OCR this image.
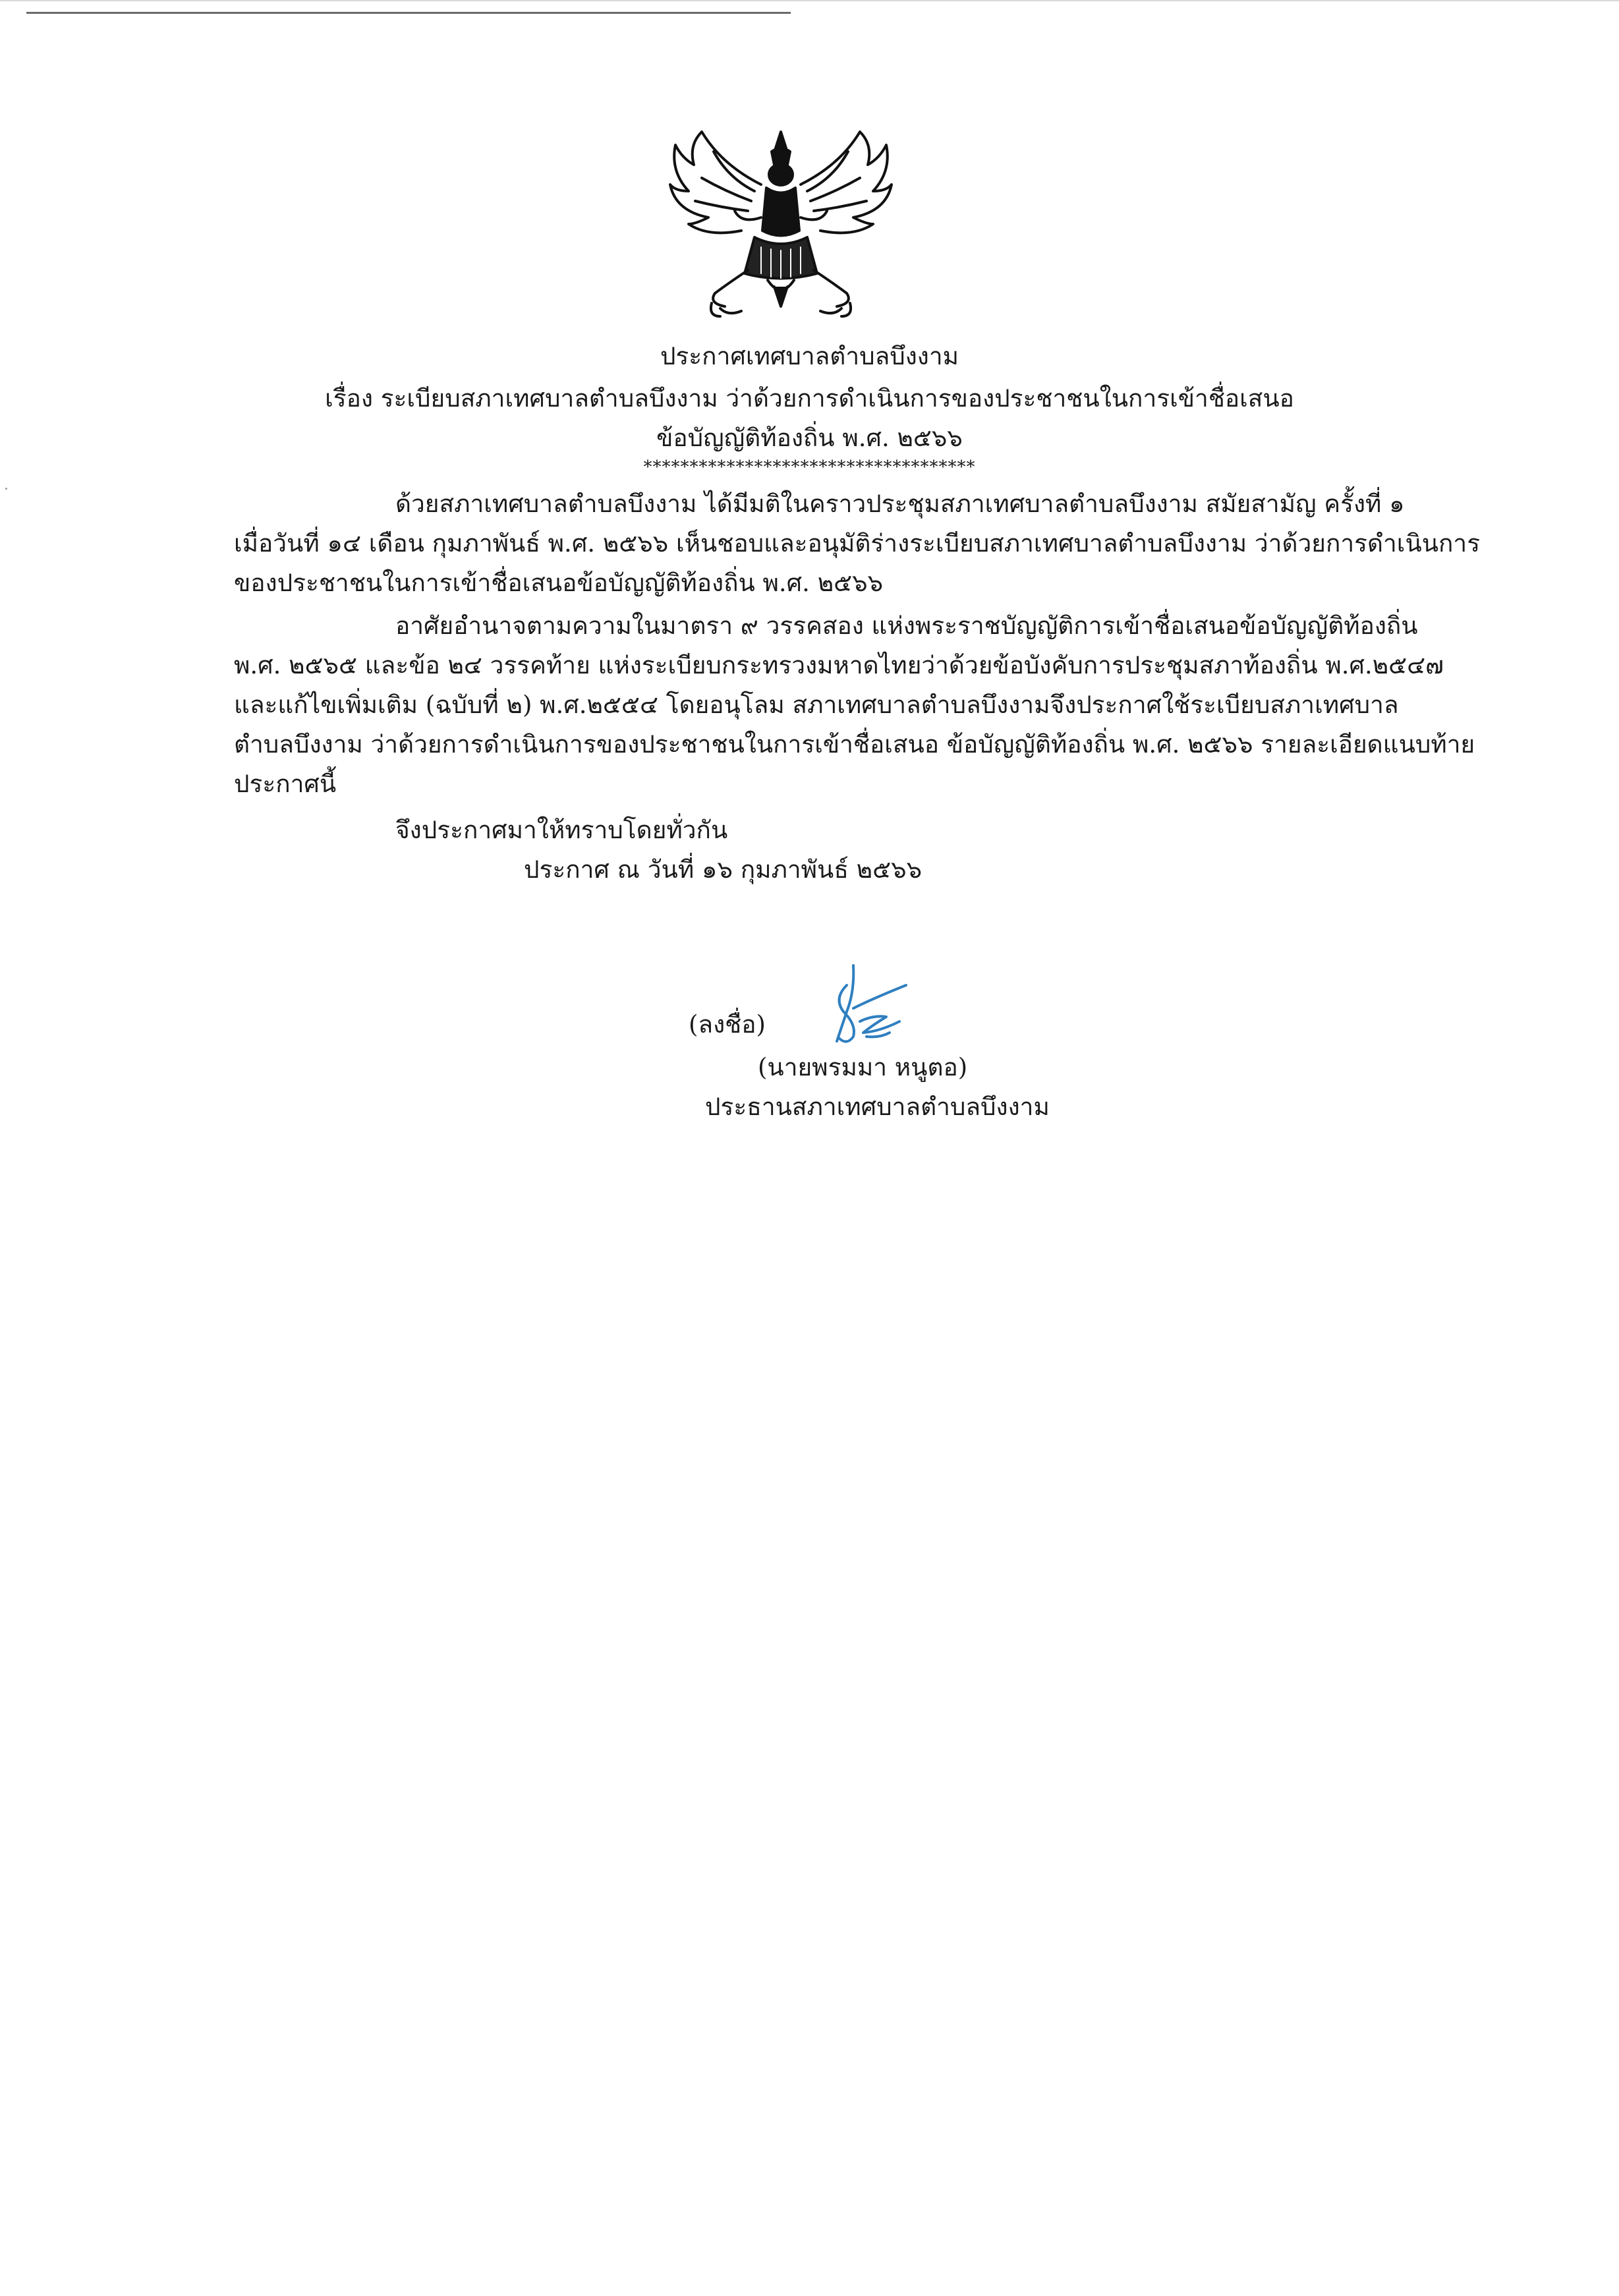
ประกาศเทศบาลตำบลบึงงาม
เรื่อง ระเบียบสภาเทศบาลตำบลบึงงาม ว่าด้วยการดำเนินการของประชาชนในการเข้าชื่อเสนอ
ข้อบัญญัติท้องถิ่น พ.ศ. ๒๕๖๖
************************************
ด้วยสภาเทศบาลตำบลบึงงาม ได้มีมติในคราวประชุมสภาเทศบาลตำบลบึงงาม สมัยสามัญ ครั้งที่ ๑
เมื่อวันที่ ๑๔ เดือน กุมภาพันธ์ พ.ศ. ๒๕๖๖ เห็นชอบและอนุมัติร่างระเบียบสภาเทศบาลตำบลบึงงาม ว่าด้วยการดำเนินการ
ของประชาชนในการเข้าชื่อเสนอข้อบัญญัติท้องถิ่น พ.ศ. ๒๕๖๖
อาศัยอำนาจตามความในมาตรา ๙ วรรคสอง แห่งพระราชบัญญัติการเข้าชื่อเสนอข้อบัญญัติท้องถิ่น
พ.ศ. ๒๕๖๕ และข้อ ๒๔ วรรคท้าย แห่งระเบียบกระทรวงมหาดไทยว่าด้วยข้อบังคับการประชุมสภาท้องถิ่น พ.ศ.๒๕๔๗
และแก้ไขเพิ่มเติม (ฉบับที่ ๒) พ.ศ.๒๕๕๔ โดยอนุโลม สภาเทศบาลตำบลบึงงามจึงประกาศใช้ระเบียบสภาเทศบาล
ตำบลบึงงาม ว่าด้วยการดำเนินการของประชาชนในการเข้าชื่อเสนอ ข้อบัญญัติท้องถิ่น พ.ศ. ๒๕๖๖ รายละเอียดแนบท้าย
ประกาศนี้
จึงประกาศมาให้ทราบโดยทั่วกัน
ประกาศ ณ วันที่ ๑๖ กุมภาพันธ์ ๒๕๖๖
(ลงชื่อ)
(นายพรมมา หนูตอ)
ประธานสภาเทศบาลตำบลบึงงาม
